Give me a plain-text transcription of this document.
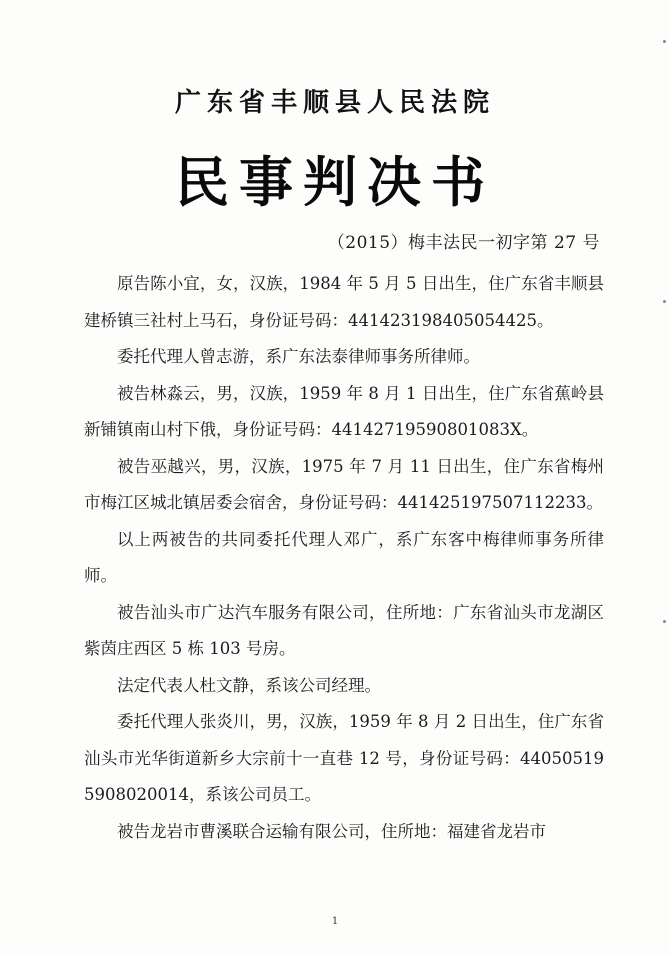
广东省丰顺县人民法院
民事判决书
（2015）梅丰法民一初字第 27 号

原告陈小宜，女，汉族，1984 年 5 月 5 日出生，住广东省丰顺县建桥镇三社村上马石，身份证号码：441423198405054425。

委托代理人曾志游，系广东法泰律师事务所律师。

被告林淼云，男，汉族，1959 年 8 月 1 日出生，住广东省蕉岭县新铺镇南山村下俄，身份证号码：44142719590801083X。

被告巫越兴，男，汉族，1975 年 7 月 11 日出生，住广东省梅州市梅江区城北镇居委会宿舍，身份证号码：441425197507112233。

以上两被告的共同委托代理人邓广，系广东客中梅律师事务所律师。

被告汕头市广达汽车服务有限公司，住所地：广东省汕头市龙湖区紫茵庄西区 5 栋 103 号房。

法定代表人杜文静，系该公司经理。

委托代理人张炎川，男，汉族，1959 年 8 月 2 日出生，住广东省汕头市光华街道新乡大宗前十一直巷 12 号，身份证号码：440505195908020014，系该公司员工。

被告龙岩市曹溪联合运输有限公司，住所地：福建省龙岩市

1
